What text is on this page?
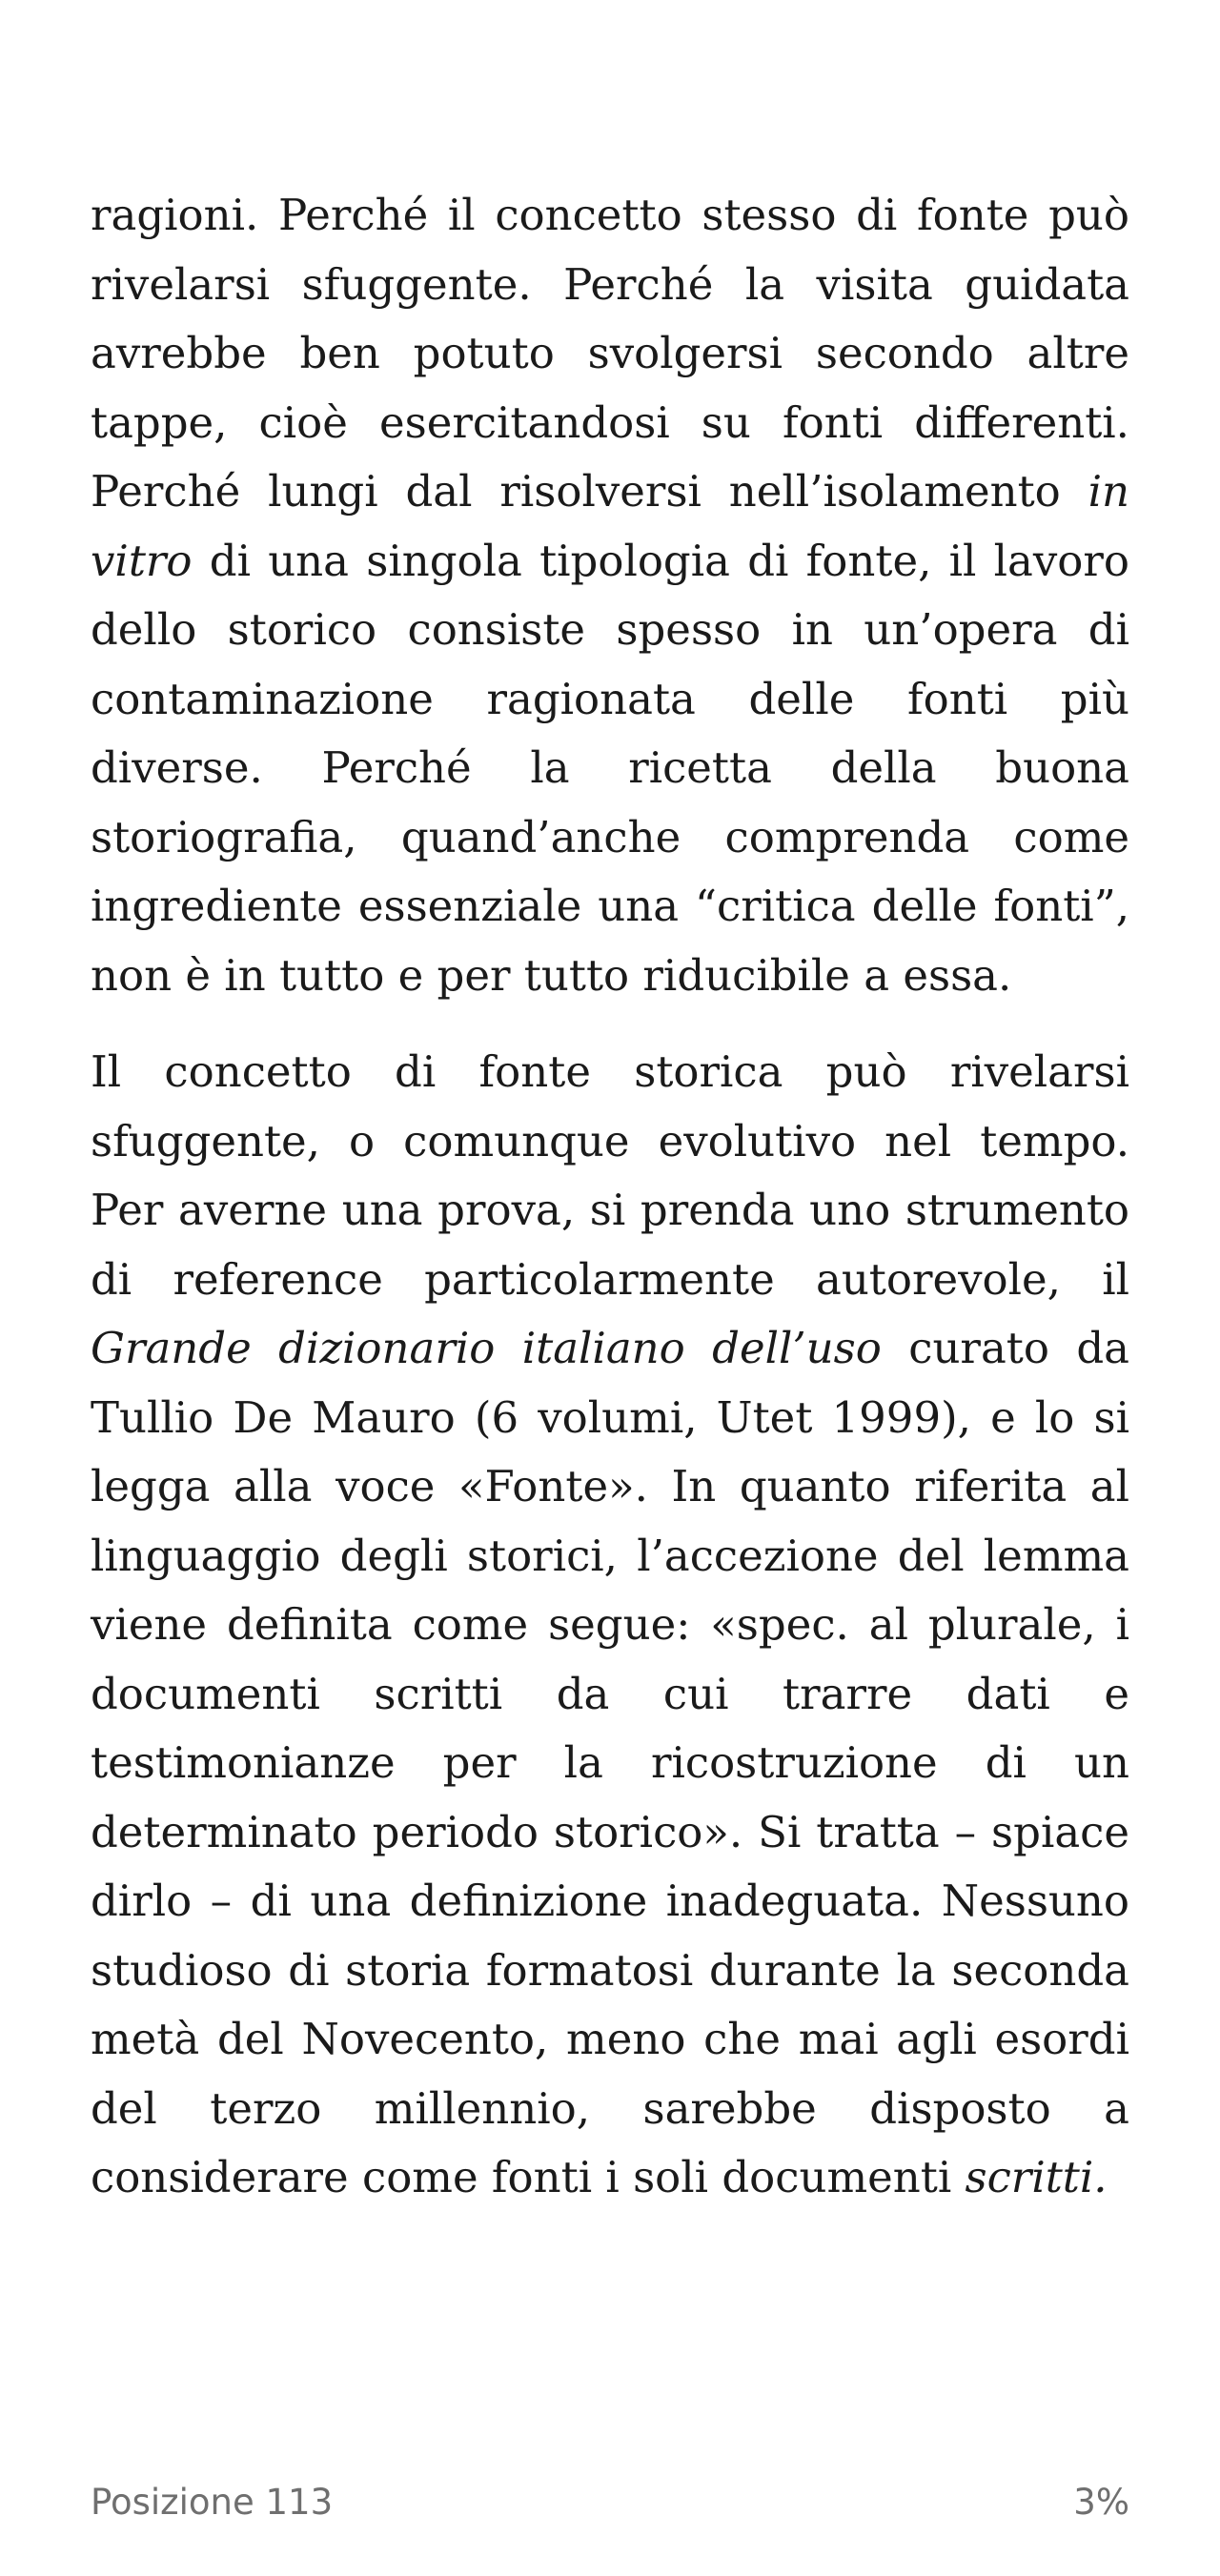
ragioni. Perché il concetto stesso di fonte può rivelarsi sfuggente. Perché la visita guidata avrebbe ben potuto svolgersi secondo altre tappe, cioè esercitandosi su fonti differenti. Perché lungi dal risolversi nell’isolamento in vitro di una singola tipologia di fonte, il lavoro dello storico consiste spesso in un’opera di contaminazione ragionata delle fonti più diverse. Perché la ricetta della buona storiografia, quand’anche comprenda come ingrediente essenziale una “critica delle fonti”, non è in tutto e per tutto riducibile a essa.

Il concetto di fonte storica può rivelarsi sfuggente, o comunque evolutivo nel tempo. Per averne una prova, si prenda uno strumento di reference particolarmente autorevole, il Grande dizionario italiano dell’uso curato da Tullio De Mauro (6 volumi, Utet 1999), e lo si legga alla voce «Fonte». In quanto riferita al linguaggio degli storici, l’accezione del lemma viene definita come segue: «spec. al plurale, i documenti scritti da cui trarre dati e testimonianze per la ricostruzione di un determinato periodo storico». Si tratta – spiace dirlo – di una definizione inadeguata. Nessuno studioso di storia formatosi durante la seconda metà del Novecento, meno che mai agli esordi del terzo millennio, sarebbe disposto a considerare come fonti i soli documenti scritti.

Posizione 113	3%
